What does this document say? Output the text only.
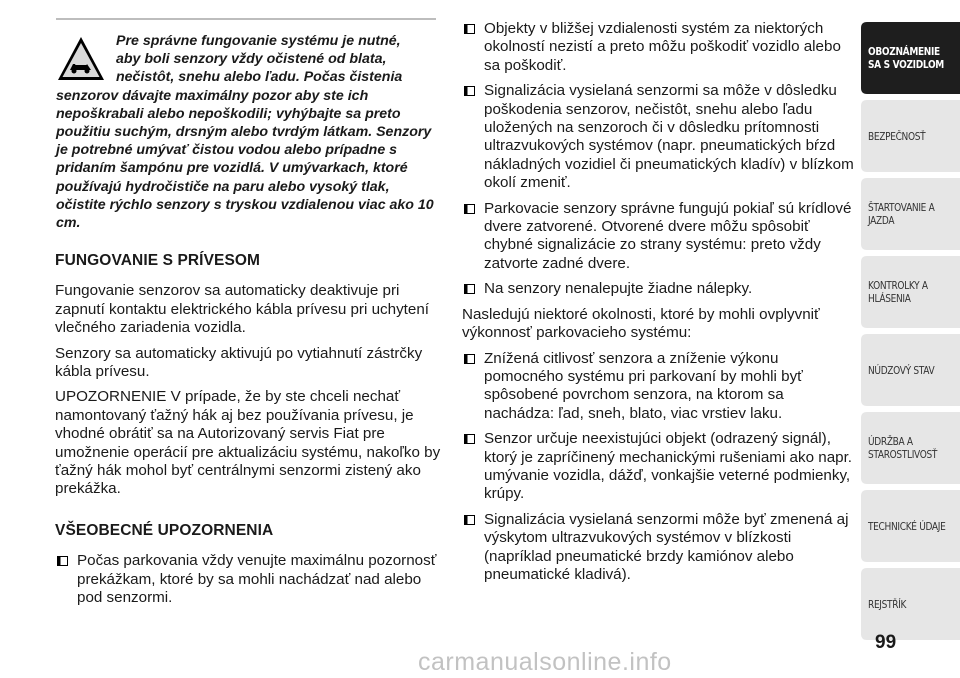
Pre správne fungovanie systému je nutné,
aby boli senzory vždy očistené od blata,
nečistôt, snehu alebo ľadu. Počas čistenia
senzorov dávajte maximálny pozor aby ste ich nepoškrabali alebo nepoškodili; vyhýbajte sa preto použitiu suchým, drsným alebo tvrdým látkam. Senzory je potrebné umývať čistou vodou alebo prípadne s pridaním šampónu pre vozidlá. V umývarkach, ktoré používajú hydročističe na paru alebo vysoký tlak, očistite rýchlo senzory s tryskou vzdialenou viac ako 10 cm.

FUNGOVANIE S PRÍVESOM

Fungovanie senzorov sa automaticky deaktivuje pri zapnutí kontaktu elektrického kábla prívesu pri uchytení vlečného zariadenia vozidla.

Senzory sa automaticky aktivujú po vytiahnutí zástrčky kábla prívesu.

UPOZORNENIE V prípade, že by ste chceli nechať namontovaný ťažný hák aj bez používania prívesu, je vhodné obrátiť sa na Autorizovaný servis Fiat pre umožnenie operácií pre aktualizáciu systému, nakoľko by ťažný hák mohol byť centrálnymi senzormi zistený ako prekážka.

VŠEOBECNÉ UPOZORNENIA
Počas parkovania vždy venujte maximálnu pozornosť prekážkam, ktoré by sa mohli nachádzať nad alebo pod senzormi.
Objekty v bližšej vzdialenosti systém za niektorých okolností nezistí a preto môžu poškodiť vozidlo alebo sa poškodiť.
Signalizácia vysielaná senzormi sa môže v dôsledku poškodenia senzorov, nečistôt, snehu alebo ľadu uložených na senzoroch či v dôsledku prítomnosti ultrazvukových systémov (napr. pneumatických bŕzd nákladných vozidiel či pneumatických kladív) v blízkom okolí zmeniť.
Parkovacie senzory správne fungujú pokiaľ sú krídlové dvere zatvorené. Otvorené dvere môžu spôsobiť chybné signalizácie zo strany systému: preto vždy zatvorte zadné dvere.
Na senzory nenalepujte žiadne nálepky.

Nasledujú niektoré okolnosti, ktoré by mohli ovplyvniť výkonnosť parkovacieho systému:

Znížená citlivosť senzora a zníženie výkonu pomocného systému pri parkovaní by mohli byť spôsobené povrchom senzora, na ktorom sa nachádza: ľad, sneh, blato, viac vrstiev laku.
Senzor určuje neexistujúci objekt (odrazený signál), ktorý je zapríčinený mechanickými rušeniami ako napr. umývanie vozidla, dážď, vonkajšie veterné podmienky, krúpy.
Signalizácia vysielaná senzormi môže byť zmenená aj výskytom ultrazvukových systémov v blízkosti (napríklad pneumatické brzdy kamiónov alebo pneumatické kladivá).
OBOZNÁMENIE SA S VOZIDLOM
BEZPEČNOSŤ
ŠTARTOVANIE A JAZDA
KONTROLKY A HLÁSENIA
NÚDZOVÝ STAV
ÚDRŽBA A STAROSTLIVOSŤ
TECHNICKÉ ÚDAJE
REJSTŘÍK
99
carmanualsonline.info
